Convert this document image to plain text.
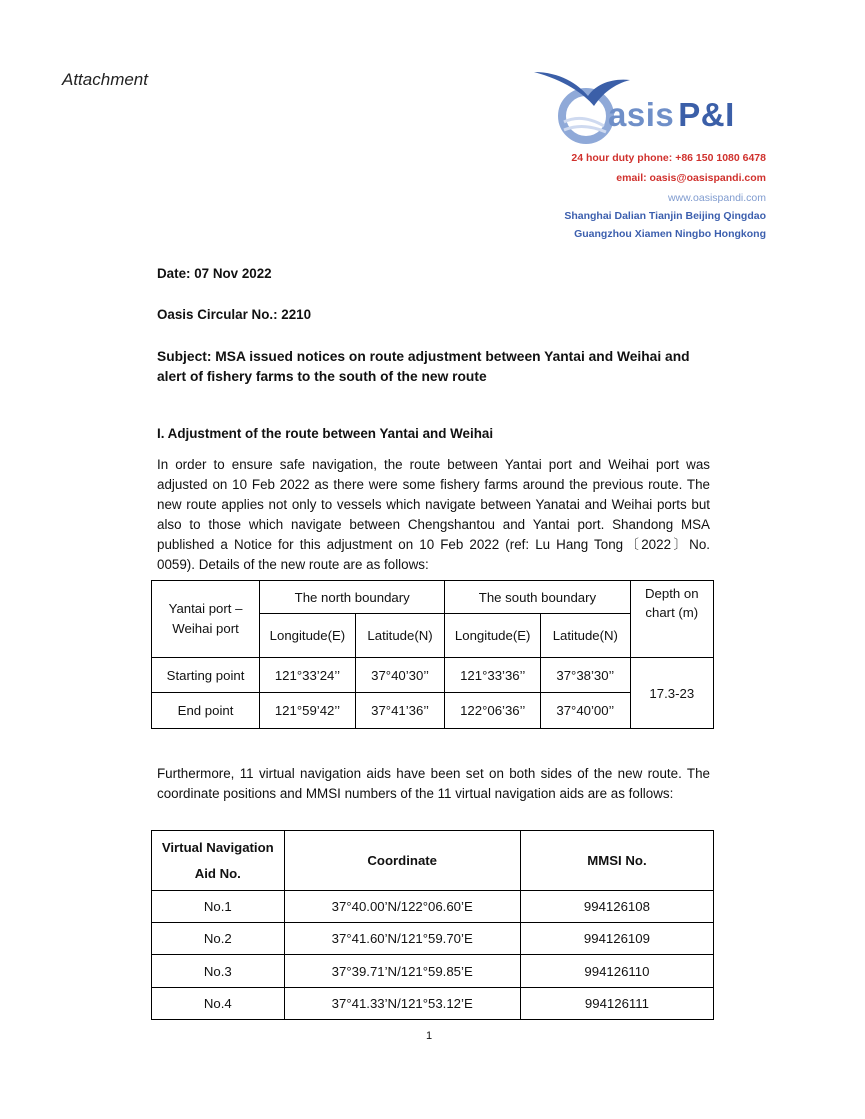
Attachment
asis P&I
24 hour duty phone: +86 150 1080 6478
email: oasis@oasispandi.com
www.oasispandi.com
Shanghai Dalian Tianjin Beijing Qingdao
Guangzhou Xiamen Ningbo Hongkong
Date: 07 Nov 2022
Oasis Circular No.: 2210
Subject: MSA issued notices on route adjustment between Yantai and Weihai and alert of fishery farms to the south of the new route
I. Adjustment of the route between Yantai and Weihai
In order to ensure safe navigation, the route between Yantai port and Weihai port was adjusted on 10 Feb 2022 as there were some fishery farms around the previous route. The new route applies not only to vessels which navigate between Yanatai and Weihai ports but also to those which navigate between Chengshantou and Yantai port. Shandong MSA published a Notice for this adjustment on 10 Feb 2022 (ref: Lu Hang Tong〔2022〕No. 0059). Details of the new route are as follows:
Yantai port –
Weihai port	The north boundary		The south boundary		Depth on chart (m)
	Longitude(E)	Latitude(N)	Longitude(E)	Latitude(N)	
Starting point	121°33’24’’	37°40’30’’	121°33’36’’	37°38’30’’	17.3-23
End point	121°59’42’’	37°41’36’’	122°06’36’’	37°40’00’’	
Furthermore, 11 virtual navigation aids have been set on both sides of the new route. The coordinate positions and MMSI numbers of the 11 virtual navigation aids are as follows:
Virtual Navigation Aid No.	Coordinate	MMSI No.
No.1	37°40.00’N/122°06.60’E	994126108
No.2	37°41.60’N/121°59.70’E	994126109
No.3	37°39.71’N/121°59.85’E	994126110
No.4	37°41.33’N/121°53.12’E	994126111
1
